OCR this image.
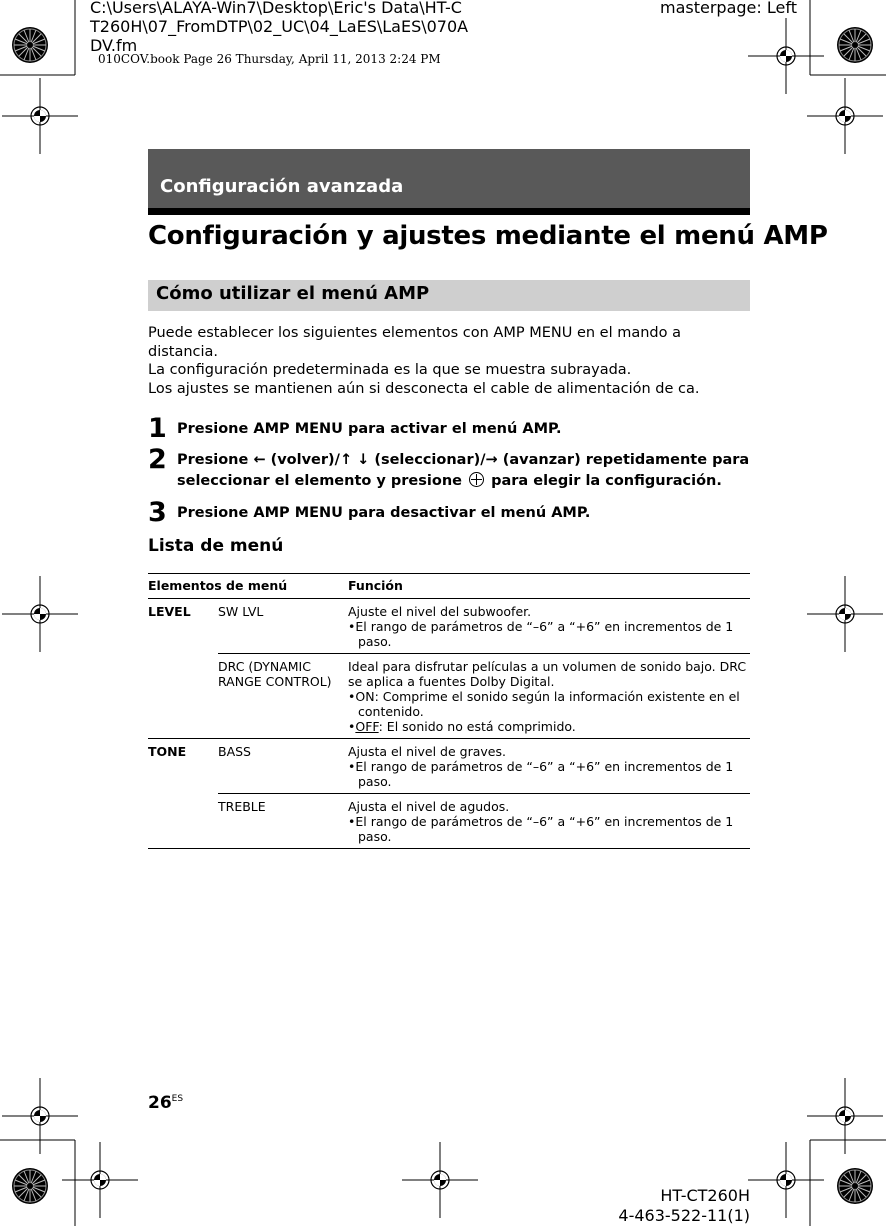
C:\Users\ALAYA-Win7\Desktop\Eric's Data\HT-CT260H\07_FromDTP\02_UC\04_LaES\LaES\070ADV.fm
masterpage: Left
010COV.book Page 26 Thursday, April 11, 2013 2:24 PM
Configuración avanzada
Configuración y ajustes mediante el menú AMP
Cómo utilizar el menú AMP

Puede establecer los siguientes elementos con AMP MENU en el mando a distancia.

La configuración predeterminada es la que se muestra subrayada.

Los ajustes se mantienen aún si desconecta el cable de alimentación de ca.

1 Presione AMP MENU para activar el menú AMP.
2 Presione ← (volver)/↑ ↓ (seleccionar)/→ (avanzar) repetidamente para seleccionar el elemento y presione para elegir la configuración.
3 Presione AMP MENU para desactivar el menú AMP.
Lista de menú
Elementos de menú		Función
LEVEL	SW LVL	Ajuste el nivel del subwoofer.

•El rango de parámetros de “–6” a “+6” en incrementos de 1 paso.

	DRC (DYNAMIC RANGE CONTROL)	Ideal para disfrutar películas a un volumen de sonido bajo. DRC se aplica a fuentes Dolby Digital.

•ON: Comprime el sonido según la información existente en el contenido.

•OFF: El sonido no está comprimido.

TONE	BASS	Ajusta el nivel de graves.

•El rango de parámetros de “–6” a “+6” en incrementos de 1 paso.

	TREBLE	Ajusta el nivel de agudos.

•El rango de parámetros de “–6” a “+6” en incrementos de 1 paso.

$26^{ES}$
HT-CT260H
4-463-522-11(1)
